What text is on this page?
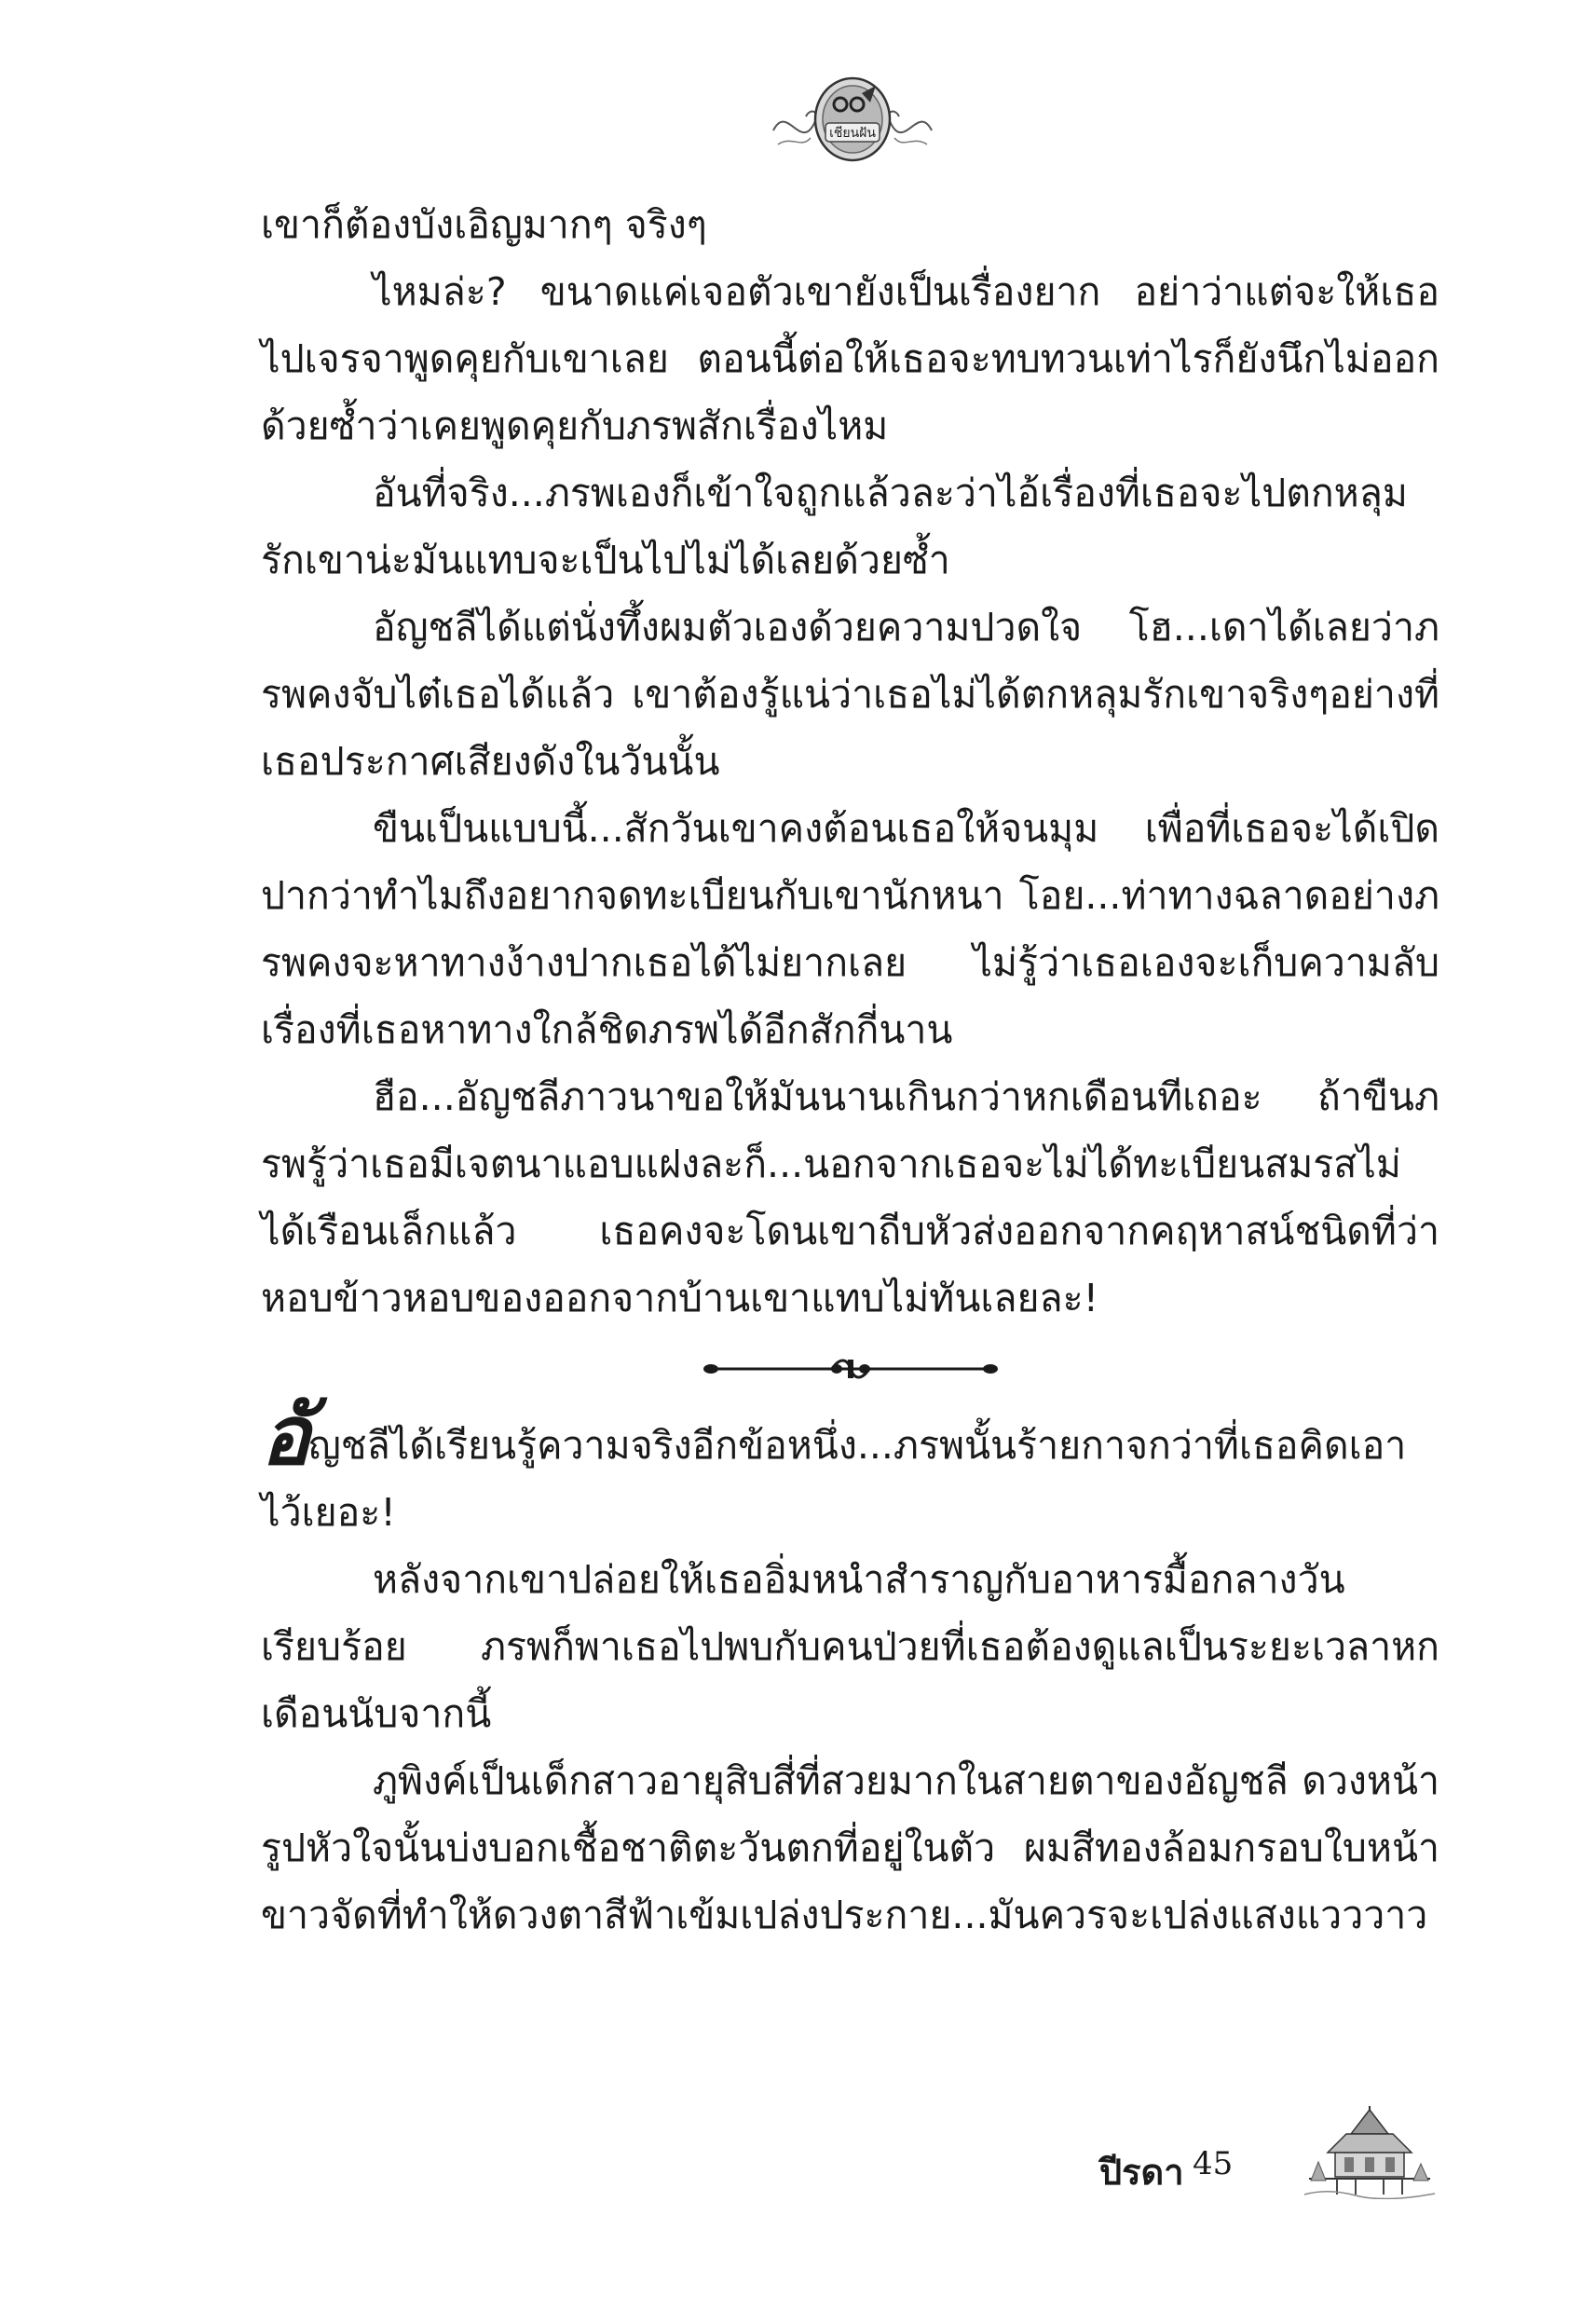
เชียนฝัน

เขาก็ต้องบังเอิญมากๆ จริงๆ

ไหมล่ะ? ขนาดแค่เจอตัวเขายังเป็นเรื่องยาก อย่าว่าแต่จะให้เธอไปเจรจาพูดคุยกับเขาเลย ตอนนี้ต่อให้เธอจะทบทวนเท่าไรก็ยังนึกไม่ออกด้วยซ้ำว่าเคยพูดคุยกับภรพสักเรื่องไหม

อันที่จริง...ภรพเองก็เข้าใจถูกแล้วละว่าไอ้เรื่องที่เธอจะไปตกหลุมรักเขาน่ะมันแทบจะเป็นไปไม่ได้เลยด้วยซ้ำ

อัญชลีได้แต่นั่งทึ้งผมตัวเองด้วยความปวดใจ โฮ...เดาได้เลยว่าภรพคงจับไต๋เธอได้แล้ว เขาต้องรู้แน่ว่าเธอไม่ได้ตกหลุมรักเขาจริงๆอย่างที่เธอประกาศเสียงดังในวันนั้น

ขืนเป็นแบบนี้...สักวันเขาคงต้อนเธอให้จนมุม เพื่อที่เธอจะได้เปิดปากว่าทำไมถึงอยากจดทะเบียนกับเขานักหนา โอย...ท่าทางฉลาดอย่างภรพคงจะหาทางง้างปากเธอได้ไม่ยากเลย ไม่รู้ว่าเธอเองจะเก็บความลับเรื่องที่เธอหาทางใกล้ชิดภรพได้อีกสักกี่นาน

ฮือ...อัญชลีภาวนาขอให้มันนานเกินกว่าหกเดือนทีเถอะ ถ้าขืนภรพรู้ว่าเธอมีเจตนาแอบแฝงละก็...นอกจากเธอจะไม่ได้ทะเบียนสมรสไม่ได้เรือนเล็กแล้ว เธอคงจะโดนเขาถีบหัวส่งออกจากคฤหาสน์ชนิดที่ว่าหอบข้าวหอบของออกจากบ้านเขาแทบไม่ทันเลยละ!

อัญชลีได้เรียนรู้ความจริงอีกข้อหนึ่ง...ภรพนั้นร้ายกาจกว่าที่เธอคิดเอาไว้เยอะ!

หลังจากเขาปล่อยให้เธออิ่มหนำสำราญกับอาหารมื้อกลางวันเรียบร้อย ภรพก็พาเธอไปพบกับคนป่วยที่เธอต้องดูแลเป็นระยะเวลาหกเดือนนับจากนี้

ภูพิงค์เป็นเด็กสาวอายุสิบสี่ที่สวยมากในสายตาของอัญชลี ดวงหน้ารูปหัวใจนั้นบ่งบอกเชื้อชาติตะวันตกที่อยู่ในตัว ผมสีทองล้อมกรอบใบหน้าขาวจัดที่ทำให้ดวงตาสีฟ้าเข้มเปล่งประกาย...มันควรจะเปล่งแสงแวววาว

ปีรดา 45
